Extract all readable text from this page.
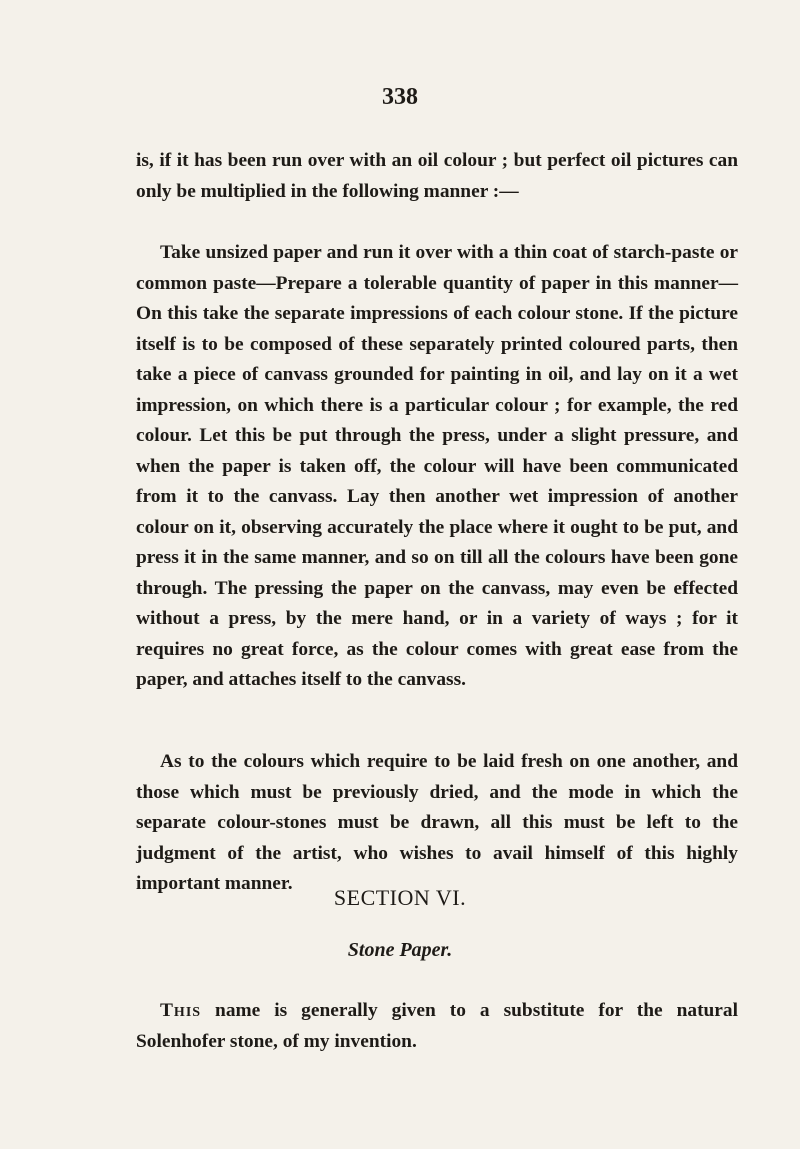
338

is, if it has been run over with an oil colour ; but perfect oil pictures can only be multiplied in the following manner :—

Take unsized paper and run it over with a thin coat of starch-paste or common paste—Prepare a tolerable quantity of paper in this manner—On this take the separate impressions of each colour stone. If the picture itself is to be composed of these separately printed coloured parts, then take a piece of canvass grounded for painting in oil, and lay on it a wet impression, on which there is a particular colour ; for example, the red colour. Let this be put through the press, under a slight pressure, and when the paper is taken off, the colour will have been communicated from it to the canvass. Lay then another wet impression of another colour on it, observing accurately the place where it ought to be put, and press it in the same manner, and so on till all the colours have been gone through. The pressing the paper on the canvass, may even be effected without a press, by the mere hand, or in a variety of ways ; for it requires no great force, as the colour comes with great ease from the paper, and attaches itself to the canvass.

As to the colours which require to be laid fresh on one another, and those which must be previously dried, and the mode in which the separate colour-stones must be drawn, all this must be left to the judgment of the artist, who wishes to avail himself of this highly important manner.

SECTION VI.
Stone Paper.

This name is generally given to a substitute for the natural Solenhofer stone, of my invention.
